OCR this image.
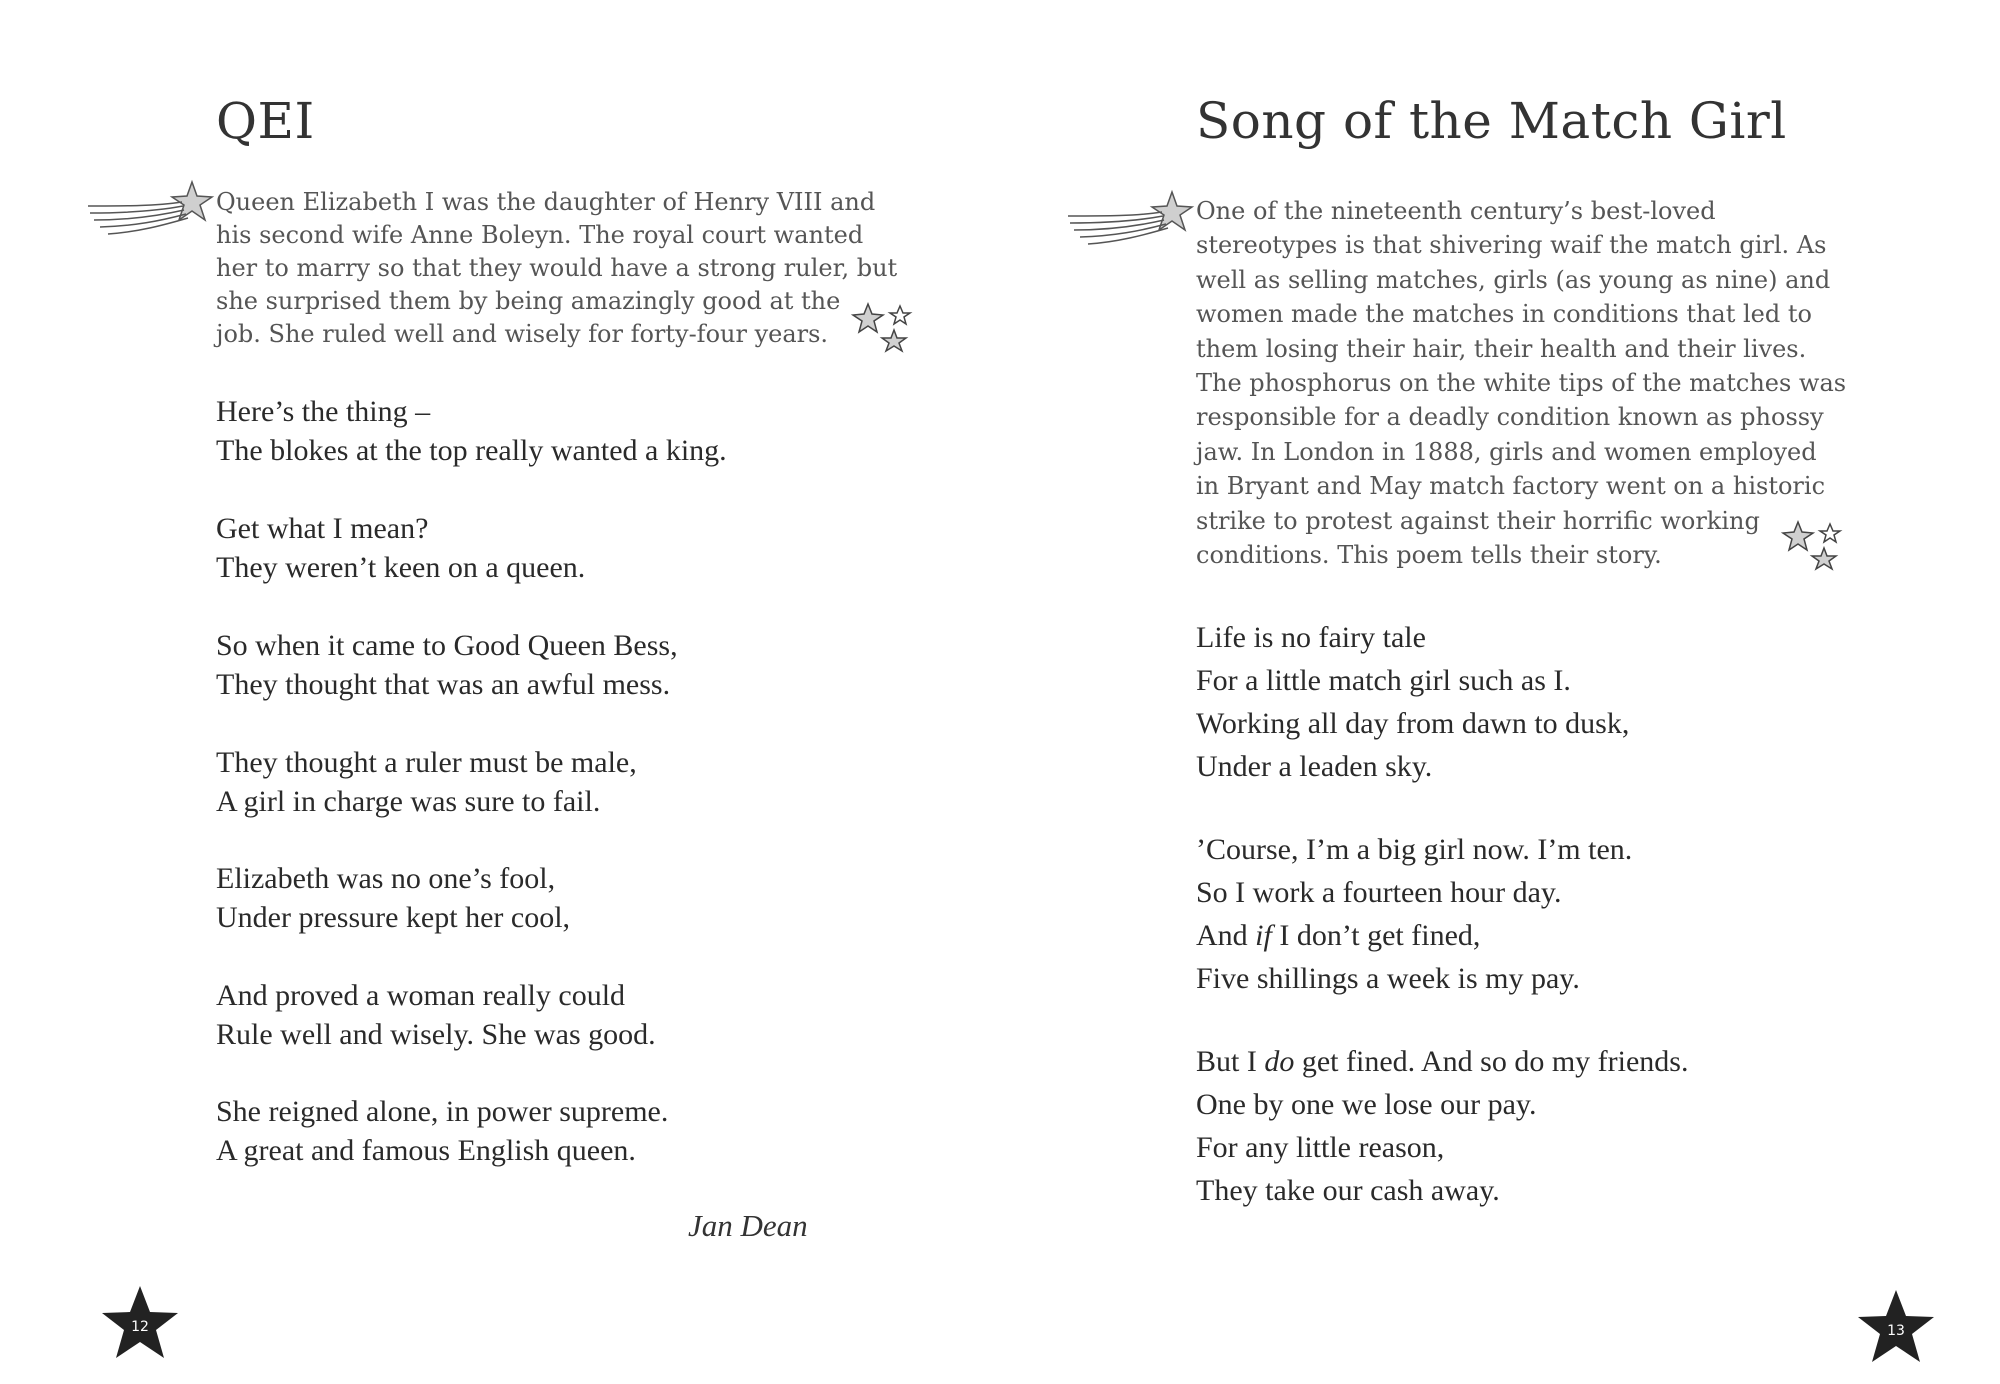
QEI

Queen Elizabeth I was the daughter of Henry VIII and
his second wife Anne Boleyn. The royal court wanted
her to marry so that they would have a strong ruler, but
she surprised them by being amazingly good at the
job. She ruled well and wisely for forty-four years.

Here’s the thing –
The blokes at the top really wanted a king.
Get what I mean?
They weren’t keen on a queen.
So when it came to Good Queen Bess,
They thought that was an awful mess.
They thought a ruler must be male,
A girl in charge was sure to fail.
Elizabeth was no one’s fool,
Under pressure kept her cool,
And proved a woman really could
Rule well and wisely. She was good.
She reigned alone, in power supreme.
A great and famous English queen.
Jan Dean
12
Song of the Match Girl

One of the nineteenth century’s best-loved
stereotypes is that shivering waif the match girl. As
well as selling matches, girls (as young as nine) and
women made the matches in conditions that led to
them losing their hair, their health and their lives.
The phosphorus on the white tips of the matches was
responsible for a deadly condition known as phossy
jaw. In London in 1888, girls and women employed
in Bryant and May match factory went on a historic
strike to protest against their horrific working
conditions. This poem tells their story.

Life is no fairy tale
For a little match girl such as I.
Working all day from dawn to dusk,
Under a leaden sky.
’Course, I’m a big girl now. I’m ten.
So I work a fourteen hour day.
And if I don’t get fined,
Five shillings a week is my pay.
But I do get fined. And so do my friends.
One by one we lose our pay.
For any little reason,
They take our cash away.
13
